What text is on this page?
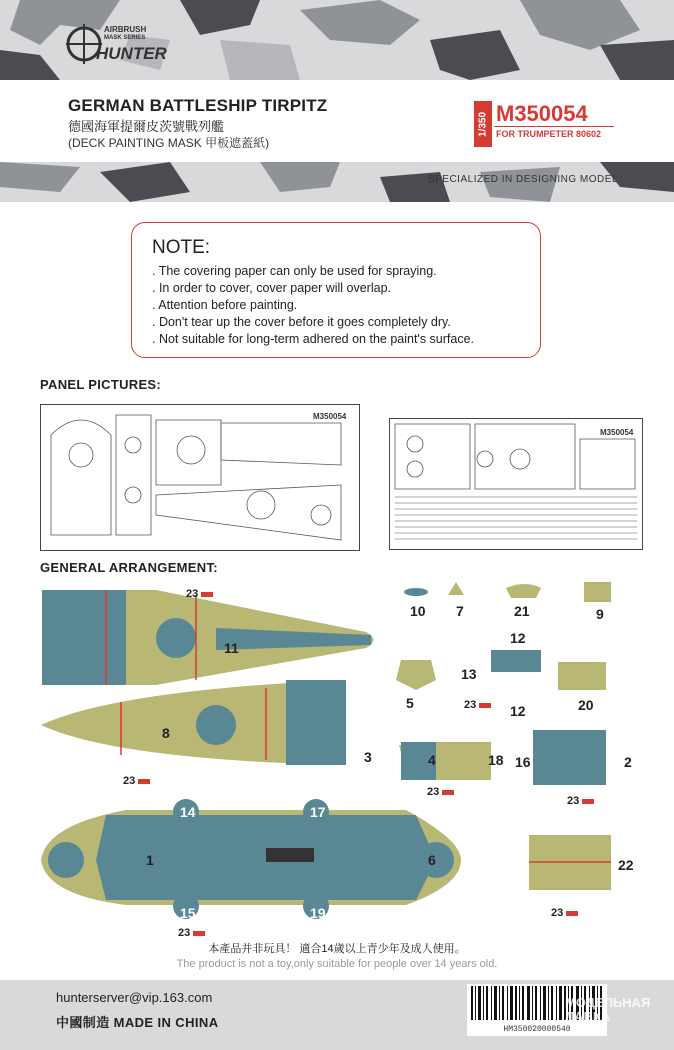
AIRBRUSH
MASK SERIES
HUNTER
GERMAN BATTLESHIP TIRPITZ
德國海軍提爾皮茨號戰列艦
(DECK PAINTING MASK 甲板遮蓋紙)
1/350 M350054
FOR TRUMPETER 80602
SPECIALIZED IN DESIGNING MODEL
NOTE:
. The covering paper can only be used for spraying.
. In order to cover, cover paper will overlap.
. Attention before painting.
. Don't tear up the cover before it goes completely dry.
. Not suitable for long-term adhered on the paint's surface.
PANEL PICTURES:
M350054
M350054
GENERAL ARRANGEMENT:
11
8
1
14	17
15	19
6
10 7	21	9
12
13
12
5	20
3	4	18 16	2
22
23
23
23
23
23
23
23
本產品并非玩具！ 適合14歲以上青少年及成人使用。
The product is not a toy,only suitable for people over 14 years old.
hunterserver@vip.163.com
中國制造 MADE IN CHINA	HM350020000540
МОДЕЛЬНАЯ
ЛАВКА
